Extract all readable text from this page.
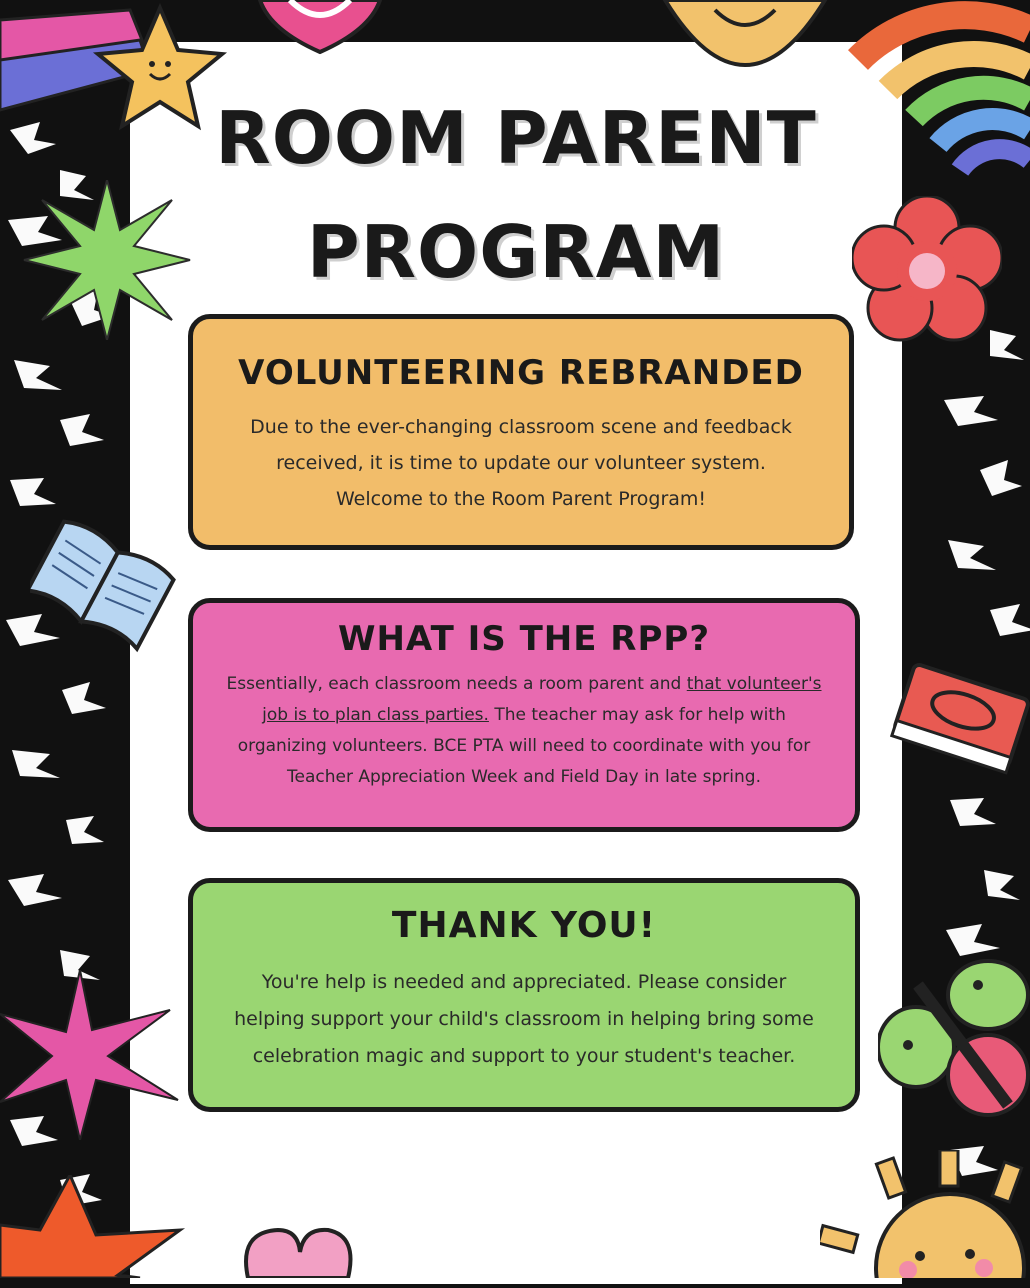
ROOM PARENT
PROGRAM
VOLUNTEERING REBRANDED

Due to the ever-changing classroom scene and feedback received, it is time to update our volunteer system. Welcome to the Room Parent Program!

WHAT IS THE RPP?

Essentially, each classroom needs a room parent and that volunteer's job is to plan class parties. The teacher may ask for help with organizing volunteers. BCE PTA will need to coordinate with you for Teacher Appreciation Week and Field Day in late spring.

THANK YOU!

You're help is needed and appreciated. Please consider helping support your child's classroom in helping bring some celebration magic and support to your student's teacher.
